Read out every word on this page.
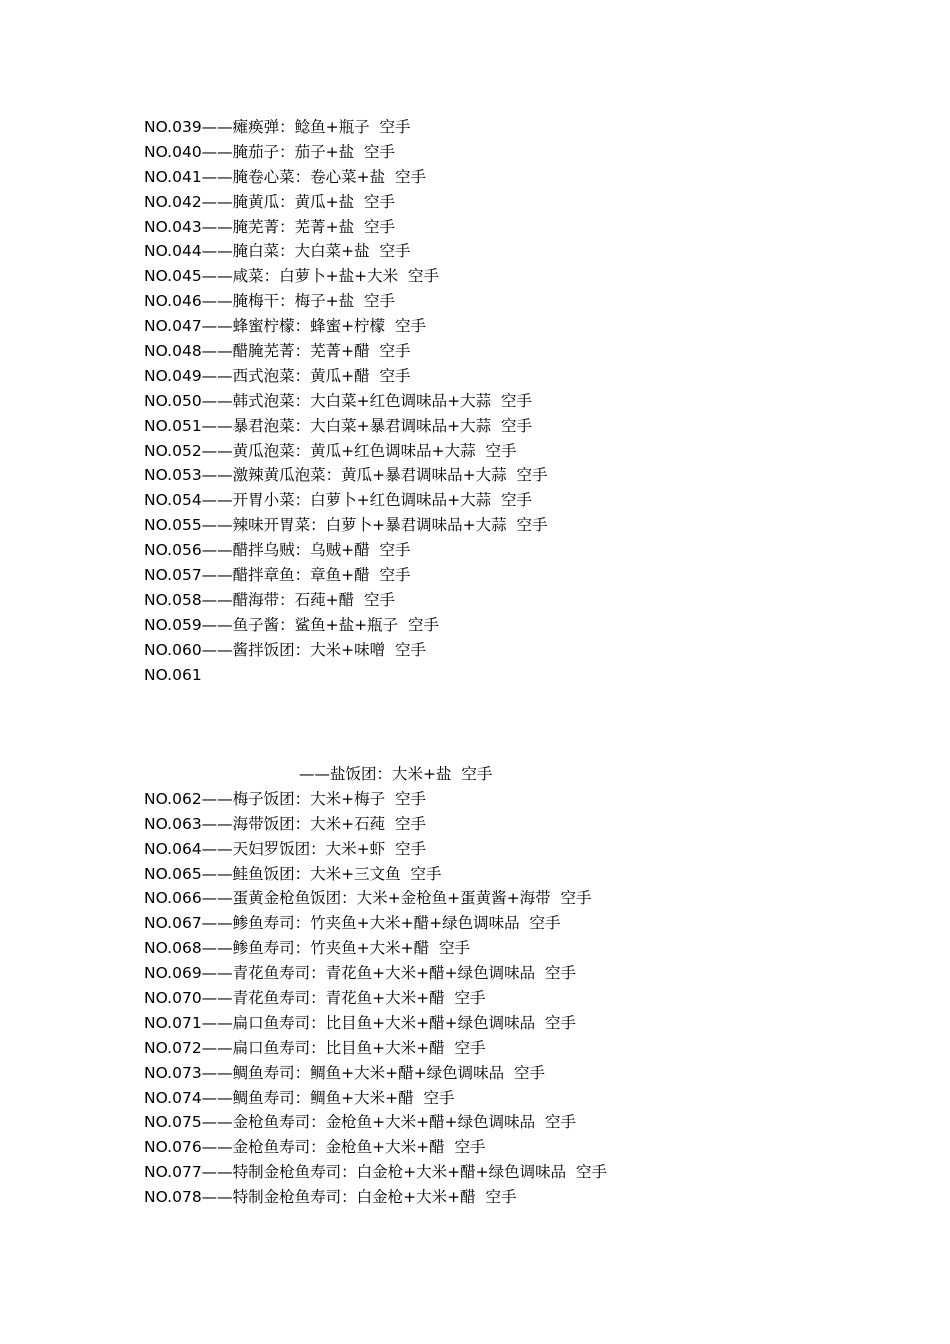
NO.039——瘫痪弹：鲶鱼+瓶子  空手
NO.040——腌茄子：茄子+盐  空手
NO.041——腌卷心菜：卷心菜+盐  空手
NO.042——腌黄瓜：黄瓜+盐  空手
NO.043——腌芜菁：芜菁+盐  空手
NO.044——腌白菜：大白菜+盐  空手
NO.045——咸菜：白萝卜+盐+大米  空手
NO.046——腌梅干：梅子+盐  空手
NO.047——蜂蜜柠檬：蜂蜜+柠檬  空手
NO.048——醋腌芜菁：芜菁+醋  空手
NO.049——西式泡菜：黄瓜+醋  空手
NO.050——韩式泡菜：大白菜+红色调味品+大蒜  空手
NO.051——暴君泡菜：大白菜+暴君调味品+大蒜  空手
NO.052——黄瓜泡菜：黄瓜+红色调味品+大蒜  空手
NO.053——激辣黄瓜泡菜：黄瓜+暴君调味品+大蒜  空手
NO.054——开胃小菜：白萝卜+红色调味品+大蒜  空手
NO.055——辣味开胃菜：白萝卜+暴君调味品+大蒜  空手
NO.056——醋拌乌贼：乌贼+醋  空手
NO.057——醋拌章鱼：章鱼+醋  空手
NO.058——醋海带：石莼+醋  空手
NO.059——鱼子酱：鲨鱼+盐+瓶子  空手
NO.060——酱拌饭团：大米+味噌  空手
NO.061
——盐饭团：大米+盐  空手
NO.062——梅子饭团：大米+梅子  空手
NO.063——海带饭团：大米+石莼  空手
NO.064——天妇罗饭团：大米+虾  空手
NO.065——鲑鱼饭团：大米+三文鱼  空手
NO.066——蛋黄金枪鱼饭团：大米+金枪鱼+蛋黄酱+海带  空手
NO.067——鲹鱼寿司：竹夹鱼+大米+醋+绿色调味品  空手
NO.068——鲹鱼寿司：竹夹鱼+大米+醋  空手
NO.069——青花鱼寿司：青花鱼+大米+醋+绿色调味品  空手
NO.070——青花鱼寿司：青花鱼+大米+醋  空手
NO.071——扁口鱼寿司：比目鱼+大米+醋+绿色调味品  空手
NO.072——扁口鱼寿司：比目鱼+大米+醋  空手
NO.073——鲷鱼寿司：鲷鱼+大米+醋+绿色调味品  空手
NO.074——鲷鱼寿司：鲷鱼+大米+醋  空手
NO.075——金枪鱼寿司：金枪鱼+大米+醋+绿色调味品  空手
NO.076——金枪鱼寿司：金枪鱼+大米+醋  空手
NO.077——特制金枪鱼寿司：白金枪+大米+醋+绿色调味品  空手
NO.078——特制金枪鱼寿司：白金枪+大米+醋  空手
